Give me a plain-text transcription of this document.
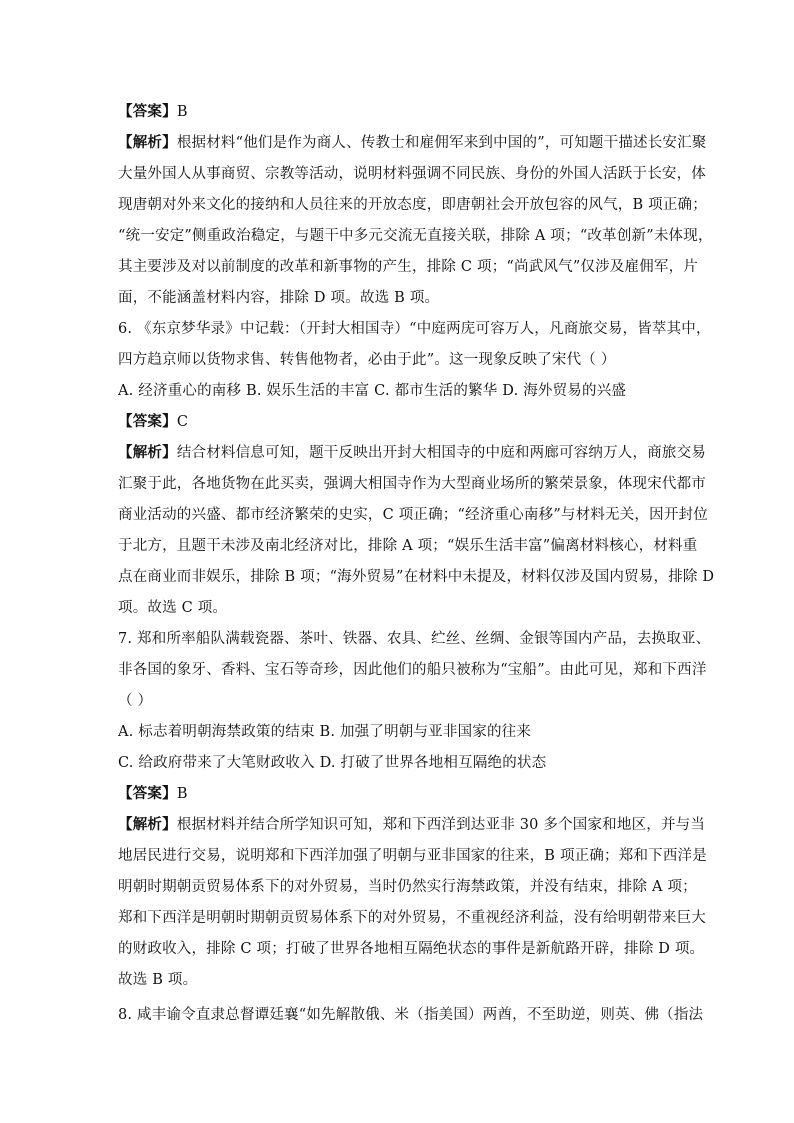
【答案】B
【解析】根据材料“他们是作为商人、传教士和雇佣军来到中国的”，可知题干描述长安汇聚
大量外国人从事商贸、宗教等活动，说明材料强调不同民族、身份的外国人活跃于长安，体
现唐朝对外来文化的接纳和人员往来的开放态度，即唐朝社会开放包容的风气，B 项正确；
“统一安定”侧重政治稳定，与题干中多元交流无直接关联，排除 A 项；“改革创新”未体现，
其主要涉及对以前制度的改革和新事物的产生，排除 C 项；“尚武风气”仅涉及雇佣军，片
面，不能涵盖材料内容，排除 D 项。故选 B 项。
6. 《东京梦华录》中记载：（开封大相国寺）“中庭两庑可容万人，凡商旅交易，皆萃其中，
四方趋京师以货物求售、转售他物者，必由于此”。这一现象反映了宋代（ ）
A. 经济重心的南移 B. 娱乐生活的丰富 C. 都市生活的繁华 D. 海外贸易的兴盛
【答案】C
【解析】结合材料信息可知，题干反映出开封大相国寺的中庭和两廊可容纳万人，商旅交易
汇聚于此，各地货物在此买卖，强调大相国寺作为大型商业场所的繁荣景象，体现宋代都市
商业活动的兴盛、都市经济繁荣的史实，C 项正确；“经济重心南移”与材料无关，因开封位
于北方，且题干未涉及南北经济对比，排除 A 项；“娱乐生活丰富”偏离材料核心，材料重
点在商业而非娱乐，排除 B 项；“海外贸易”在材料中未提及，材料仅涉及国内贸易，排除 D
项。故选 C 项。
7. 郑和所率船队满载瓷器、茶叶、铁器、农具、纻丝、丝绸、金银等国内产品，去换取亚、
非各国的象牙、香料、宝石等奇珍，因此他们的船只被称为“宝船”。由此可见，郑和下西洋
（ ）
A. 标志着明朝海禁政策的结束 B. 加强了明朝与亚非国家的往来
C. 给政府带来了大笔财政收入 D. 打破了世界各地相互隔绝的状态
【答案】B
【解析】根据材料并结合所学知识可知，郑和下西洋到达亚非 30 多个国家和地区，并与当
地居民进行交易，说明郑和下西洋加强了明朝与亚非国家的往来，B 项正确；郑和下西洋是
明朝时期朝贡贸易体系下的对外贸易，当时仍然实行海禁政策，并没有结束，排除 A 项；
郑和下西洋是明朝时期朝贡贸易体系下的对外贸易，不重视经济利益，没有给明朝带来巨大
的财政收入，排除 C 项；打破了世界各地相互隔绝状态的事件是新航路开辟，排除 D 项。
故选 B 项。
8. 咸丰谕令直隶总督谭廷襄“如先解散俄、米（指美国）两酋，不至助逆，则英、佛（指法
